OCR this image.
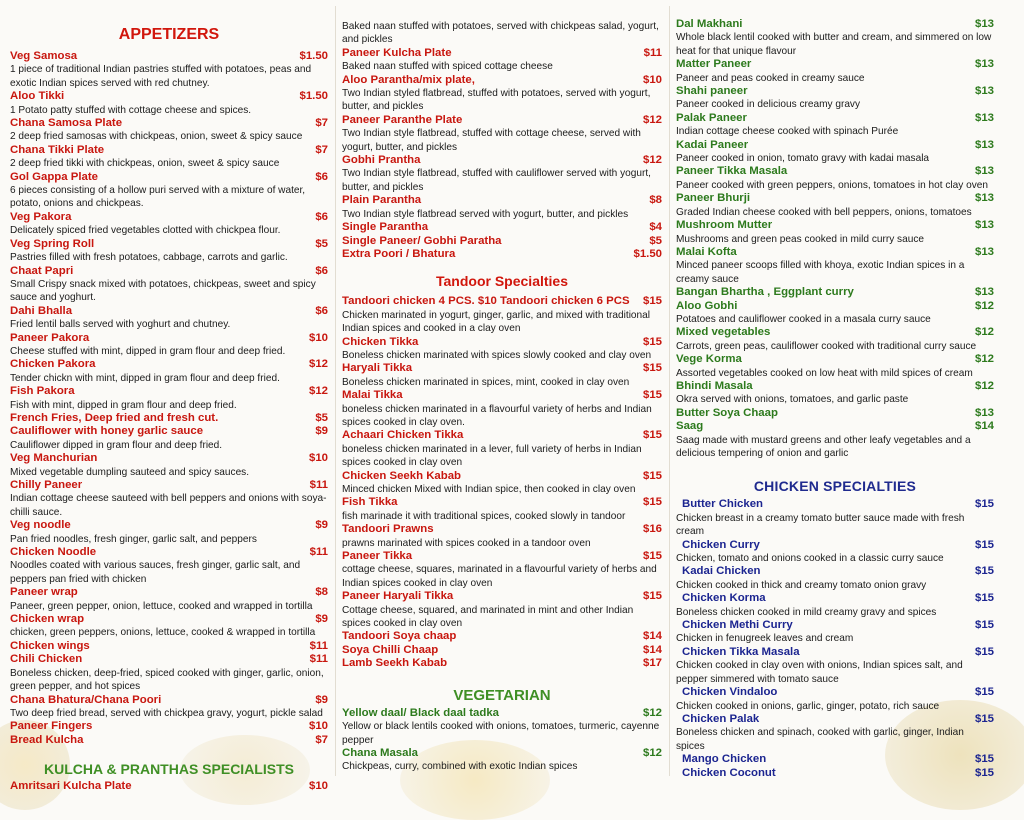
APPETIZERS
Veg Samosa	$1.50
1 piece of traditional Indian pastries stuffed with potatoes, peas and exotic Indian spices served with red chutney.
Aloo Tikki	$1.50
1 Potato patty stuffed with cottage cheese and spices.
Chana Samosa Plate	$7
2 deep fried samosas with chickpeas, onion, sweet & spicy sauce
Chana Tikki Plate	$7
2 deep fried tikki with chickpeas, onion, sweet & spicy sauce
Gol Gappa Plate	$6
6 pieces consisting of a hollow puri served with a mixture of water, potato, onions and chickpeas.
Veg Pakora	$6
Delicately spiced fried vegetables clotted with chickpea flour.
Veg Spring Roll	$5
Pastries filled with fresh potatoes, cabbage, carrots and garlic.
Chaat Papri	$6
Small Crispy snack mixed with potatoes, chickpeas, sweet and spicy sauce and yoghurt.
Dahi Bhalla	$6
Fried lentil balls served with yoghurt and chutney.
Paneer Pakora	$10
Cheese stuffed with mint, dipped in gram flour and deep fried.
Chicken Pakora	$12
Tender chickn with mint, dipped in gram flour and deep fried.
Fish Pakora	$12
Fish with mint, dipped in gram flour and deep fried.
French Fries, Deep fried and fresh cut.	$5
Cauliflower with honey garlic sauce	$9
Cauliflower dipped in gram flour and deep fried.
Veg Manchurian	$10
Mixed vegetable dumpling sauteed and spicy sauces.
Chilly Paneer	$11
Indian cottage cheese sauteed with bell peppers and onions with soya-chilli sauce.
Veg noodle	$9
Pan fried noodles, fresh ginger, garlic salt, and peppers
Chicken Noodle	$11
Noodles coated with various sauces, fresh ginger, garlic salt, and peppers pan fried with chicken
Paneer wrap	$8
Paneer, green pepper, onion, lettuce, cooked and wrapped in tortilla
Chicken wrap	$9
chicken, green peppers, onions, lettuce, cooked & wrapped in tortilla
Chicken wings	$11
Chili Chicken	$11
Boneless chicken, deep-fried, spiced cooked with ginger, garlic, onion, green pepper, and hot spices
Chana Bhatura/Chana Poori	$9
Two deep fried bread, served with chickpea gravy, yogurt, pickle salad
Paneer Fingers	$10
Bread Kulcha	$7
KULCHA & PRANTHAS SPECIALISTS
Amritsari Kulcha Plate	$10
Baked naan stuffed with potatoes, served with chickpeas salad, yogurt, and pickles
Paneer Kulcha Plate	$11
Baked naan stuffed with spiced cottage cheese
Aloo Parantha/mix plate,	$10
Two Indian styled flatbread, stuffed with potatoes, served with yogurt, butter, and pickles
Paneer Paranthe Plate	$12
Two Indian style flatbread, stuffed with cottage cheese, served with yogurt, butter, and pickles
Gobhi Prantha	$12
Two Indian style flatbread, stuffed with cauliflower served with yogurt, butter, and pickles
Plain Parantha	$8
Two Indian style flatbread served with yogurt, butter, and pickles
Single Parantha	$4
Single Paneer/ Gobhi Paratha	$5
Extra Poori / Bhatura	$1.50
Tandoor Specialties
Tandoori chicken 4 PCS. $10 Tandoori chicken 6 PCS $15
Chicken marinated in yogurt, ginger, garlic, and mixed with traditional Indian spices and cooked in a clay oven
Chicken Tikka	$15
Boneless chicken marinated with spices slowly cooked and clay oven
Haryali Tikka	$15
Boneless chicken marinated in spices, mint, cooked in clay oven
Malai Tikka	$15
boneless chicken marinated in a flavourful variety of herbs and Indian spices cooked in clay oven.
Achaari Chicken Tikka	$15
boneless chicken marinated in a lever, full variety of herbs in Indian spices cooked in clay oven
Chicken Seekh Kabab	$15
Minced chicken Mixed with Indian spice, then cooked in clay oven
Fish Tikka	$15
fish marinade it with traditional spices, cooked slowly in tandoor
Tandoori Prawns	$16
prawns marinated with spices cooked in a tandoor oven
Paneer Tikka	$15
cottage cheese, squares, marinated in a flavourful variety of herbs and Indian spices cooked in clay oven
Paneer Haryali Tikka	$15
Cottage cheese, squared, and marinated in mint and other Indian spices cooked in clay oven
Tandoori Soya chaap	$14
Soya Chilli Chaap	$14
Lamb Seekh Kabab	$17
VEGETARIAN
Yellow daal/ Black daal tadka	$12
Yellow or black lentils cooked with onions, tomatoes, turmeric, cayenne pepper
Chana Masala	$12
Chickpeas, curry, combined with exotic Indian spices
Dal Makhani	$13
Whole black lentil cooked with butter and cream, and simmered on low heat for that unique flavour
Matter Paneer	$13
Paneer and peas cooked in creamy sauce
Shahi paneer	$13
Paneer cooked in delicious creamy gravy
Palak Paneer	$13
Indian cottage cheese cooked with spinach Purée
Kadai Paneer	$13
Paneer cooked in onion, tomato gravy with kadai masala
Paneer Tikka Masala	$13
Paneer cooked with green peppers, onions, tomatoes in hot clay oven
Paneer Bhurji	$13
Graded Indian cheese cooked with bell peppers, onions, tomatoes
Mushroom Mutter	$13
Mushrooms and green peas cooked in mild curry sauce
Malai Kofta	$13
Minced paneer scoops filled with khoya, exotic Indian spices in a creamy sauce
Bangan Bhartha , Eggplant curry	$13
Aloo Gobhi	$12
Potatoes and cauliflower cooked in a masala curry sauce
Mixed vegetables	$12
Carrots, green peas, cauliflower cooked with traditional curry sauce
Vege Korma	$12
Assorted vegetables cooked on low heat with mild spices of cream
Bhindi Masala	$12
Okra served with onions, tomatoes, and garlic paste
Butter Soya Chaap	$13
Saag	$14
Saag made with mustard greens and other leafy vegetables and a delicious tempering of onion and garlic
CHICKEN SPECIALTIES
Butter Chicken	$15
Chicken breast in a creamy tomato butter sauce made with fresh cream
Chicken Curry	$15
Chicken, tomato and onions cooked in a classic curry sauce
Kadai Chicken	$15
Chicken cooked in thick and creamy tomato onion gravy
Chicken Korma	$15
Boneless chicken cooked in mild creamy gravy and spices
Chicken Methi Curry	$15
Chicken in fenugreek leaves and cream
Chicken Tikka Masala	$15
Chicken cooked in clay oven with onions, Indian spices salt, and pepper simmered with tomato sauce
Chicken Vindaloo	$15
Chicken cooked in onions, garlic, ginger, potato, rich sauce
Chicken Palak	$15
Boneless chicken and spinach, cooked with garlic, ginger, Indian spices
Mango Chicken	$15
Chicken Coconut	$15
